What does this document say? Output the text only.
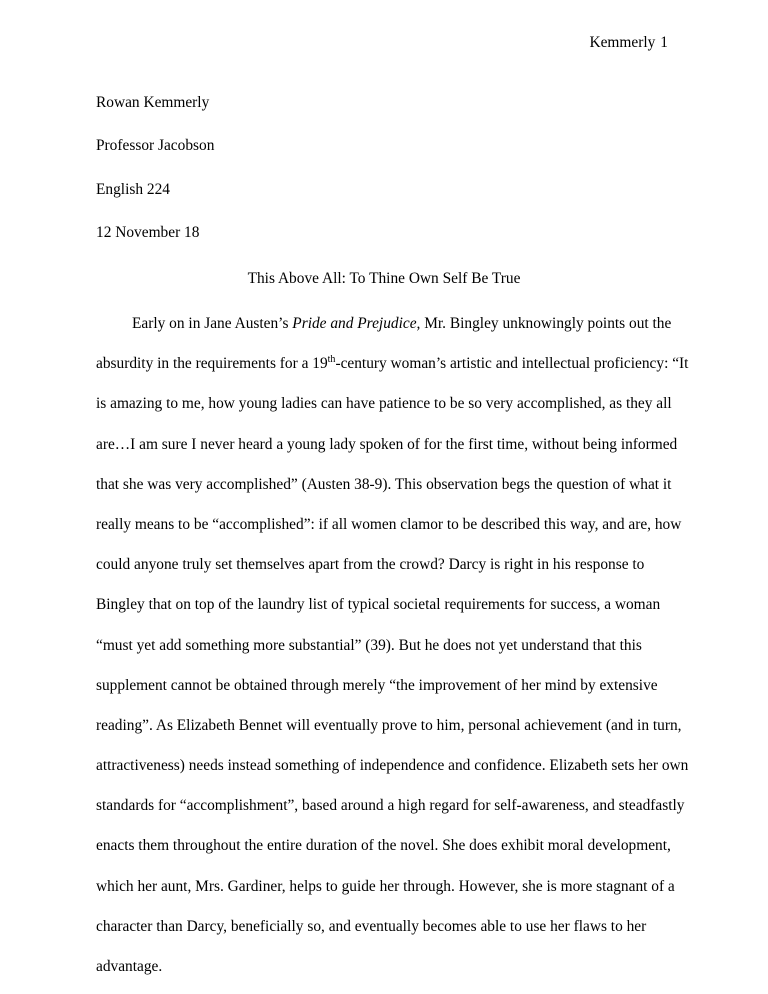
Kemmerly 1
Rowan Kemmerly
Professor Jacobson
English 224
12 November 18
This Above All: To Thine Own Self Be True
Early on in Jane Austen’s Pride and Prejudice, Mr. Bingley unknowingly points out the
absurdity in the requirements for a 19th-century woman’s artistic and intellectual proficiency: “It
is amazing to me, how young ladies can have patience to be so very accomplished, as they all
are…I am sure I never heard a young lady spoken of for the first time, without being informed
that she was very accomplished” (Austen 38-9). This observation begs the question of what it
really means to be “accomplished”: if all women clamor to be described this way, and are, how
could anyone truly set themselves apart from the crowd? Darcy is right in his response to
Bingley that on top of the laundry list of typical societal requirements for success, a woman
“must yet add something more substantial” (39). But he does not yet understand that this
supplement cannot be obtained through merely “the improvement of her mind by extensive
reading”. As Elizabeth Bennet will eventually prove to him, personal achievement (and in turn,
attractiveness) needs instead something of independence and confidence. Elizabeth sets her own
standards for “accomplishment”, based around a high regard for self-awareness, and steadfastly
enacts them throughout the entire duration of the novel. She does exhibit moral development,
which her aunt, Mrs. Gardiner, helps to guide her through. However, she is more stagnant of a
character than Darcy, beneficially so, and eventually becomes able to use her flaws to her
advantage.
